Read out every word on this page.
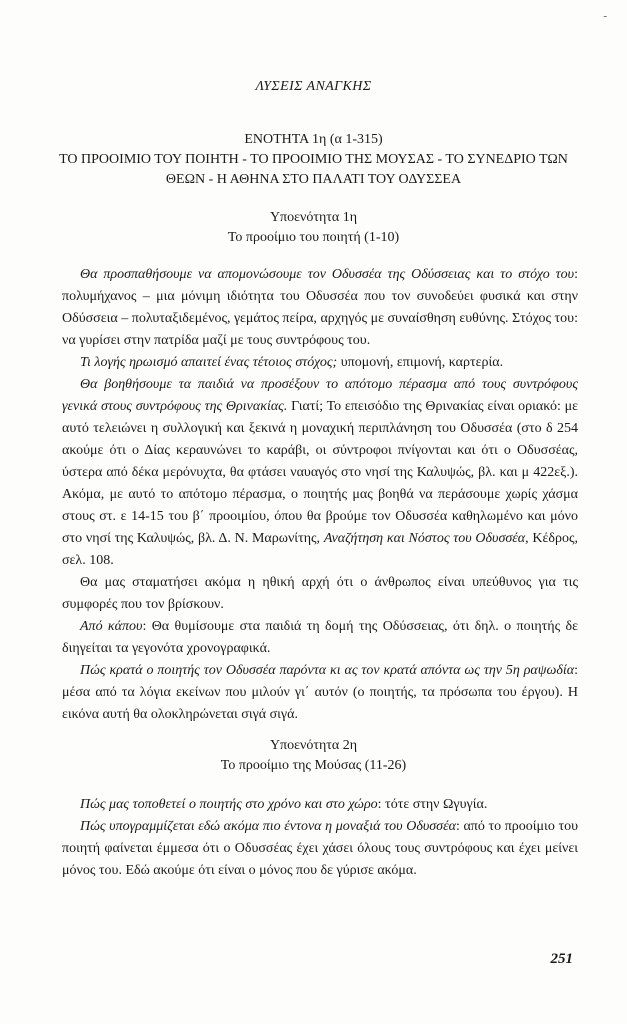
-
ΛΥΣΕΙΣ ΑΝΑΓΚΗΣ
ΕΝΟΤΗΤΑ 1η (α 1-315)
ΤΟ ΠΡΟΟΙΜΙΟ ΤΟΥ ΠΟΙΗΤΗ - ΤΟ ΠΡΟΟΙΜΙΟ ΤΗΣ ΜΟΥΣΑΣ - ΤΟ ΣΥΝΕΔΡΙΟ ΤΩΝ
ΘΕΩΝ - Η ΑΘΗΝΑ ΣΤΟ ΠΑΛΑΤΙ ΤΟΥ ΟΔΥΣΣΕΑ
Υποενότητα 1η
Το προοίμιο του ποιητή (1-10)

Θα προσπαθήσουμε να απομονώσουμε τον Οδυσσέα της Οδύσσειας και το στόχο του: πολυμήχανος – μια μόνιμη ιδιότητα του Οδυσσέα που τον συνοδεύει φυσικά και στην Οδύσσεια – πολυταξιδεμένος, γεμάτος πείρα, αρχηγός με συναίσθηση ευθύνης. Στόχος του: να γυρίσει στην πατρίδα μαζί με τους συντρόφους του.

Τι λογής ηρωισμό απαιτεί ένας τέτοιος στόχος; υπομονή, επιμονή, καρτερία.

Θα βοηθήσουμε τα παιδιά να προσέξουν το απότομο πέρασμα από τους συντρόφους γενικά στους συντρόφους της Θρινακίας. Γιατί; Το επεισόδιο της Θρινακίας είναι οριακό: με αυτό τελειώνει η συλλογική και ξεκινά η μοναχική περιπλάνηση του Οδυσσέα (στο δ 254 ακούμε ότι ο Δίας κεραυνώνει το καράβι, οι σύντροφοι πνίγονται και ότι ο Οδυσσέας, ύστερα από δέκα μερόνυχτα, θα φτάσει ναυαγός στο νησί της Καλυψώς, βλ. και μ 422εξ.). Ακόμα, με αυτό το απότομο πέρασμα, ο ποιητής μας βοηθά να περάσουμε χωρίς χάσμα στους στ. ε 14-15 του β΄ προοιμίου, όπου θα βρούμε τον Οδυσσέα καθηλωμένο και μόνο στο νησί της Καλυψώς, βλ. Δ. Ν. Μαρωνίτης, Αναζήτηση και Νόστος του Οδυσσέα, Κέδρος, σελ. 108.

Θα μας σταματήσει ακόμα η ηθική αρχή ότι ο άνθρωπος είναι υπεύθυνος για τις συμφορές που τον βρίσκουν.

Από κάπου: Θα θυμίσουμε στα παιδιά τη δομή της Οδύσσειας, ότι δηλ. ο ποιητής δε διηγείται τα γεγονότα χρονογραφικά.

Πώς κρατά ο ποιητής τον Οδυσσέα παρόντα κι ας τον κρατά απόντα ως την 5η ραψωδία: μέσα από τα λόγια εκείνων που μιλούν γι΄ αυτόν (ο ποιητής, τα πρόσωπα του έργου). Η εικόνα αυτή θα ολοκληρώνεται σιγά σιγά.

Υποενότητα 2η
Το προοίμιο της Μούσας (11-26)

Πώς μας τοποθετεί ο ποιητής στο χρόνο και στο χώρο: τότε στην Ωγυγία.

Πώς υπογραμμίζεται εδώ ακόμα πιο έντονα η μοναξιά του Οδυσσέα: από το προοίμιο του ποιητή φαίνεται έμμεσα ότι ο Οδυσσέας έχει χάσει όλους τους συντρόφους και έχει μείνει μόνος του. Εδώ ακούμε ότι είναι ο μόνος που δε γύρισε ακόμα.

251
